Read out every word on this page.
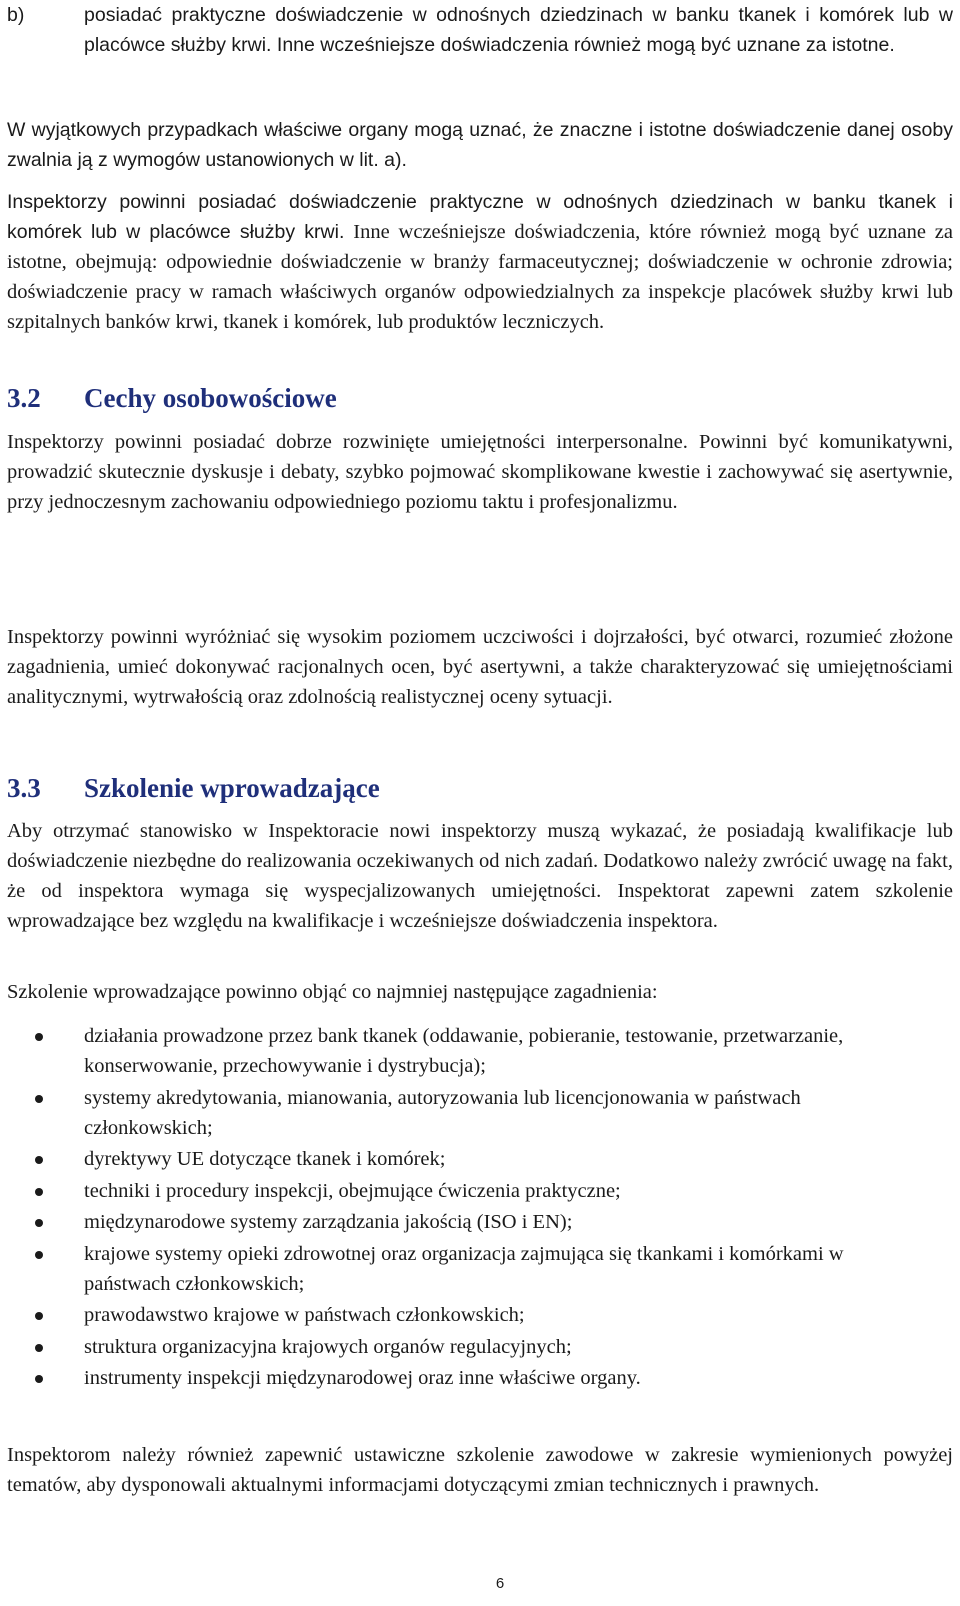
b)	posiadać praktyczne doświadczenie w odnośnych dziedzinach w banku tkanek i komórek lub w placówce służby krwi. Inne wcześniejsze doświadczenia również mogą być uznane za istotne.

W wyjątkowych przypadkach właściwe organy mogą uznać, że znaczne i istotne doświadczenie danej osoby zwalnia ją z wymogów ustanowionych w lit. a).

Inspektorzy powinni posiadać doświadczenie praktyczne w odnośnych dziedzinach w banku tkanek i komórek lub w placówce służby krwi. Inne wcześniejsze doświadczenia, które również mogą być uznane za istotne, obejmują: odpowiednie doświadczenie w branży farmaceutycznej; doświadczenie w ochronie zdrowia; doświadczenie pracy w ramach właściwych organów odpowiedzialnych za inspekcje placówek służby krwi lub szpitalnych banków krwi, tkanek i komórek, lub produktów leczniczych.

3.2 Cechy osobowościowe

Inspektorzy powinni posiadać dobrze rozwinięte umiejętności interpersonalne. Powinni być komunikatywni, prowadzić skutecznie dyskusje i debaty, szybko pojmować skomplikowane kwestie i zachowywać się asertywnie, przy jednoczesnym zachowaniu odpowiedniego poziomu taktu i profesjonalizmu.

Inspektorzy powinni wyróżniać się wysokim poziomem uczciwości i dojrzałości, być otwarci, rozumieć złożone zagadnienia, umieć dokonywać racjonalnych ocen, być asertywni, a także charakteryzować się umiejętnościami analitycznymi, wytrwałością oraz zdolnością realistycznej oceny sytuacji.

3.3 Szkolenie wprowadzające

Aby otrzymać stanowisko w Inspektoracie nowi inspektorzy muszą wykazać, że posiadają kwalifikacje lub doświadczenie niezbędne do realizowania oczekiwanych od nich zadań. Dodatkowo należy zwrócić uwagę na fakt, że od inspektora wymaga się wyspecjalizowanych umiejętności. Inspektorat zapewni zatem szkolenie wprowadzające bez względu na kwalifikacje i wcześniejsze doświadczenia inspektora.

Szkolenie wprowadzające powinno objąć co najmniej następujące zagadnienia:

działania prowadzone przez bank tkanek (oddawanie, pobieranie, testowanie, przetwarzanie, konserwowanie, przechowywanie i dystrybucja);
systemy akredytowania, mianowania, autoryzowania lub licencjonowania w państwach członkowskich;
dyrektywy UE dotyczące tkanek i komórek;
techniki i procedury inspekcji, obejmujące ćwiczenia praktyczne;
międzynarodowe systemy zarządzania jakością (ISO i EN);
krajowe systemy opieki zdrowotnej oraz organizacja zajmująca się tkankami i komórkami w państwach członkowskich;
prawodawstwo krajowe w państwach członkowskich;
struktura organizacyjna krajowych organów regulacyjnych;
instrumenty inspekcji międzynarodowej oraz inne właściwe organy.

Inspektorom należy również zapewnić ustawiczne szkolenie zawodowe w zakresie wymienionych powyżej tematów, aby dysponowali aktualnymi informacjami dotyczącymi zmian technicznych i prawnych.

6
